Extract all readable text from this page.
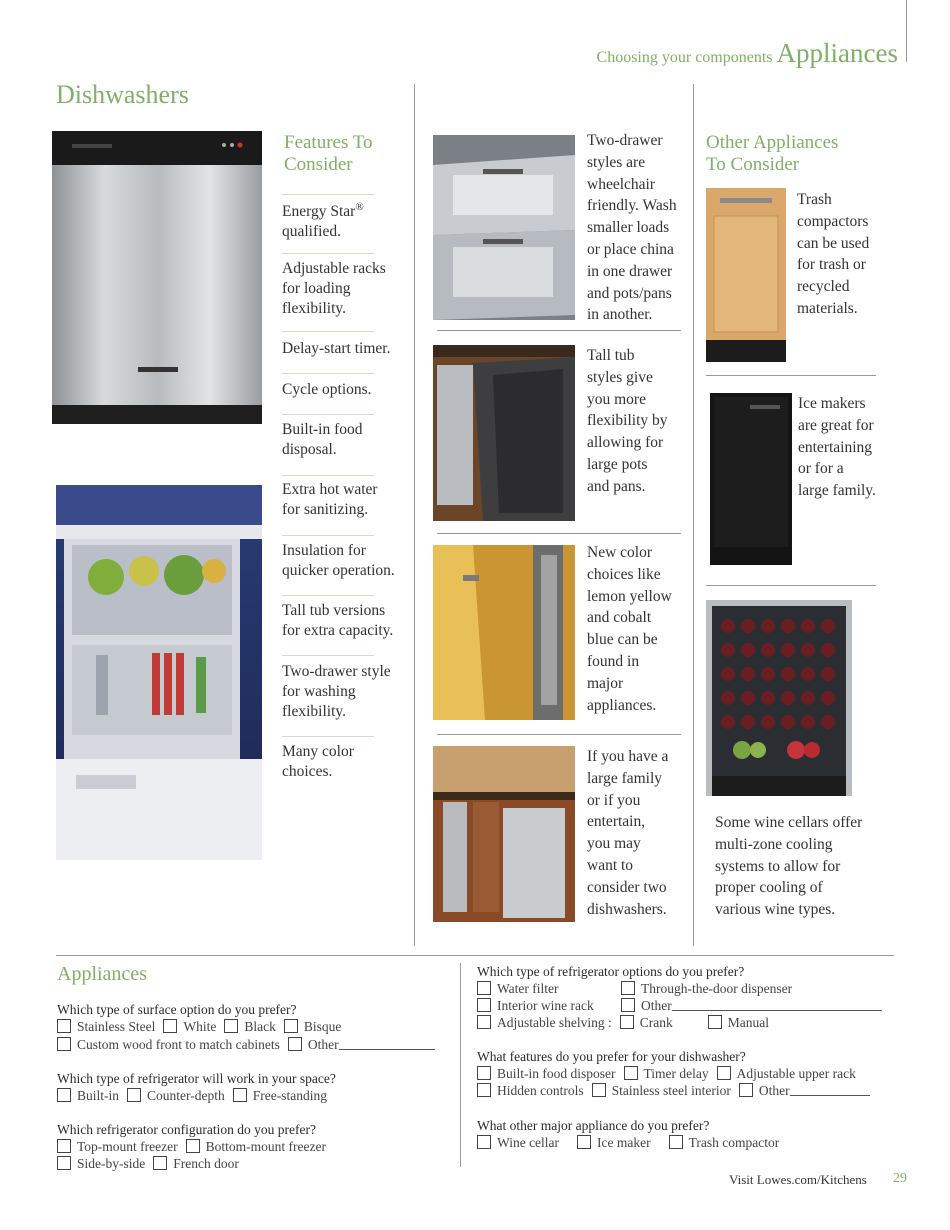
Choosing your components Appliances
Dishwashers
Features To
Consider
Energy Star®
qualified.
Adjustable racks
for loading
flexibility.
Delay-start timer.
Cycle options.
Built-in food
disposal.
Extra hot water
for sanitizing.
Insulation for
quicker operation.
Tall tub versions
for extra capacity.
Two-drawer style
for washing
flexibility.
Many color
choices.
Two-drawer
styles are
wheelchair
friendly. Wash
smaller loads
or place china
in one drawer
and pots/pans
in another.
Tall tub
styles give
you more
flexibility by
allowing for
large pots
and pans.
New color
choices like
lemon yellow
and cobalt
blue can be
found in
major
appliances.
If you have a
large family
or if you
entertain,
you may
want to
consider two
dishwashers.
Other Appliances
To Consider
Trash
compactors
can be used
for trash or
recycled
materials.
Ice makers
are great for
entertaining
or for a
large family.
Some wine cellars offer
multi-zone cooling
systems to allow for
proper cooling of
various wine types.
Appliances
Which type of surface option do you prefer?
Stainless Steel White Black Bisque
Custom wood front to match cabinets Other
Which type of refrigerator will work in your space?
Built-in Counter-depth Free-standing
Which refrigerator configuration do you prefer?
Top-mount freezer Bottom-mount freezer
Side-by-side French door
Which type of refrigerator options do you prefer?
Water filter	Through-the-door dispenser
Interior wine rack	Other
Adjustable shelving : Crank	Manual
What features do you prefer for your dishwasher?
Built-in food disposer Timer delay Adjustable upper rack
Hidden controls Stainless steel interior Other
What other major appliance do you prefer?
Wine cellar	Ice maker	Trash compactor
Visit Lowes.com/Kitchens 29
